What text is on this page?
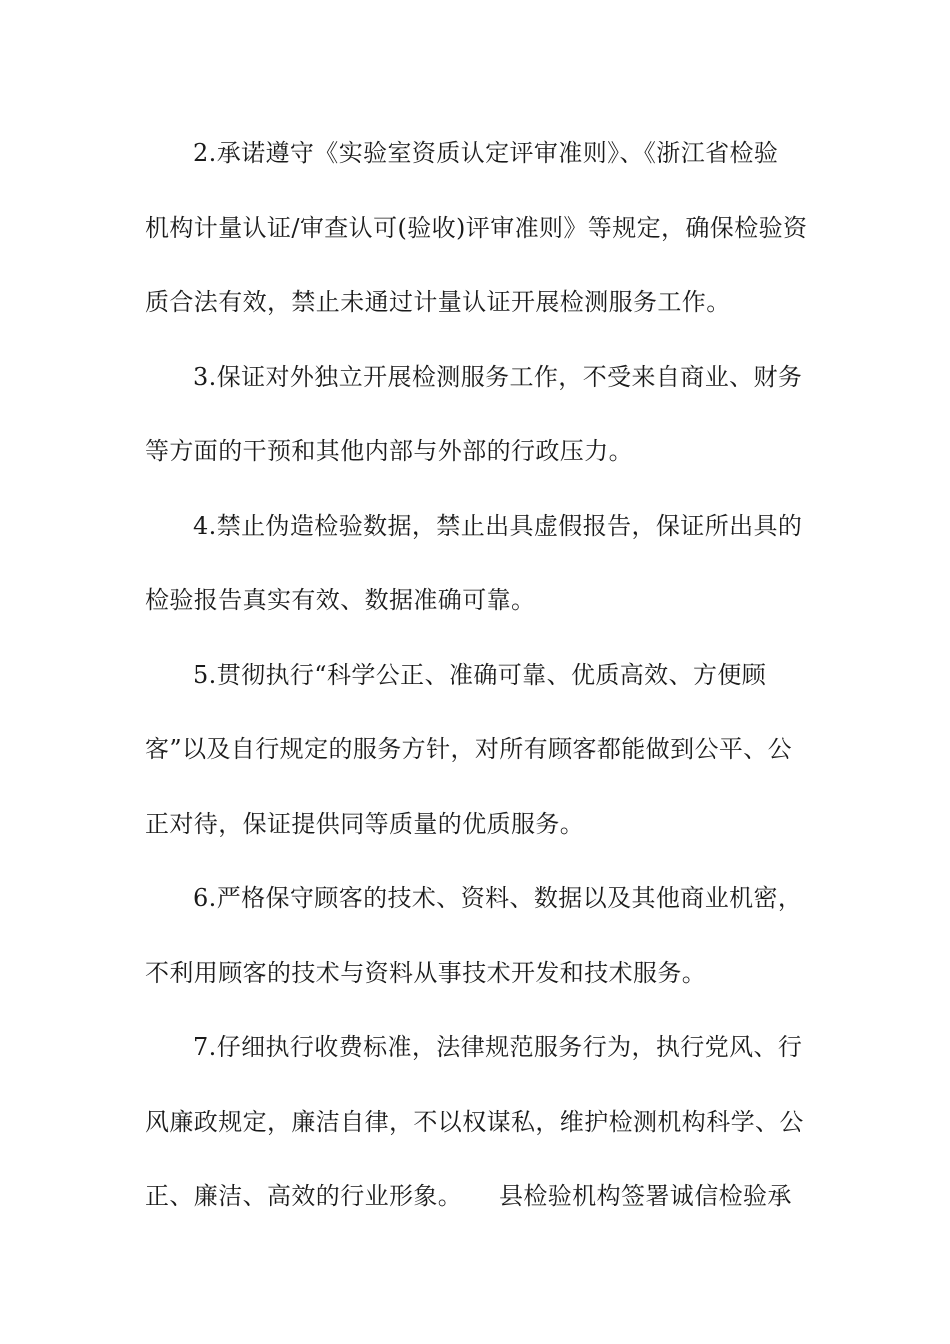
2.承诺遵守《实验室资质认定评审准则》、《浙江省检验
机构计量认证/审查认可(验收)评审准则》等规定，确保检验资
质合法有效，禁止未通过计量认证开展检测服务工作。
3.保证对外独立开展检测服务工作，不受来自商业、财务
等方面的干预和其他内部与外部的行政压力。
4.禁止伪造检验数据，禁止出具虚假报告，保证所出具的
检验报告真实有效、数据准确可靠。
5.贯彻执行“科学公正、准确可靠、优质高效、方便顾
客”以及自行规定的服务方针，对所有顾客都能做到公平、公
正对待，保证提供同等质量的优质服务。
6.严格保守顾客的技术、资料、数据以及其他商业机密，
不利用顾客的技术与资料从事技术开发和技术服务。
7.仔细执行收费标准，法律规范服务行为，执行党风、行
风廉政规定，廉洁自律，不以权谋私，维护检测机构科学、公
正、廉洁、高效的行业形象。　　县检验机构签署诚信检验承
